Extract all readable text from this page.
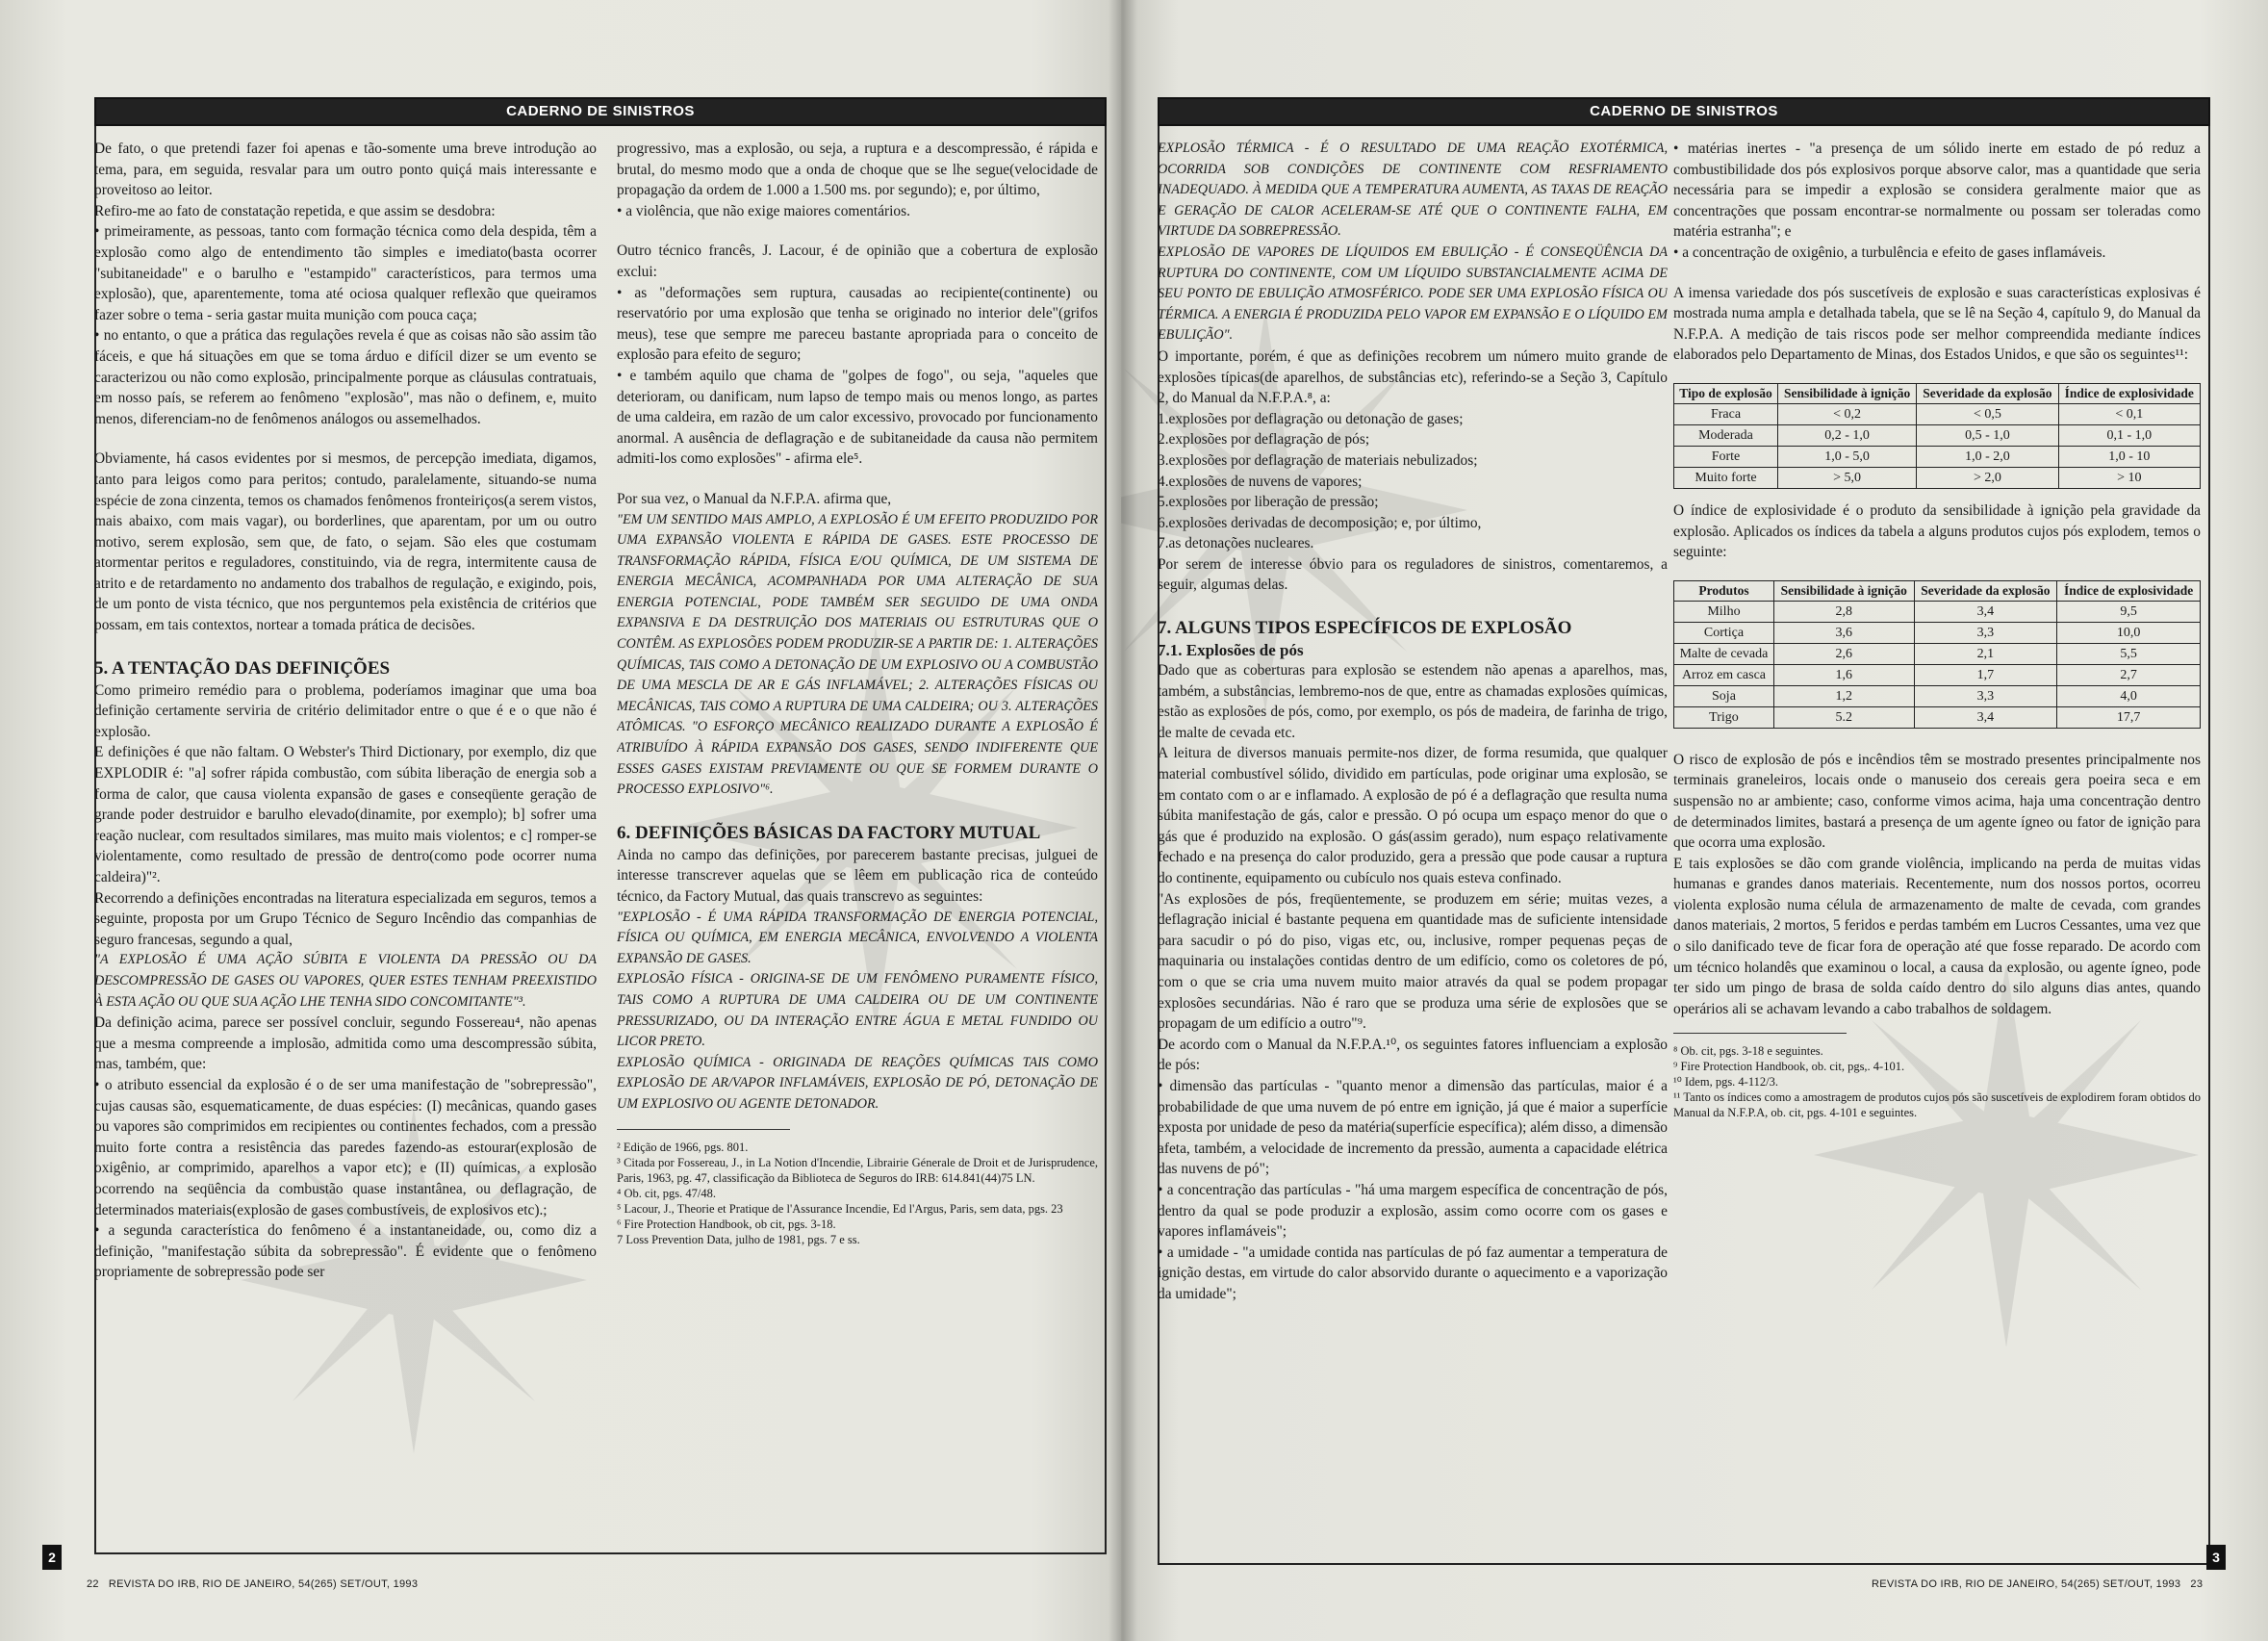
CADERNO DE SINISTROS

De fato, o que pretendi fazer foi apenas e tão-somente uma breve introdução ao tema, para, em seguida, resvalar para um outro ponto quiçá mais interessante e proveitoso ao leitor.

Refiro-me ao fato de constatação repetida, e que assim se desdobra:

• primeiramente, as pessoas, tanto com formação técnica como dela despida, têm a explosão como algo de entendimento tão simples e imediato(basta ocorrer "subitaneidade" e o barulho e "estampido" característicos, para termos uma explosão), que, aparentemente, toma até ociosa qualquer reflexão que queiramos fazer sobre o tema - seria gastar muita munição com pouca caça;

• no entanto, o que a prática das regulações revela é que as coisas não são assim tão fáceis, e que há situações em que se toma árduo e difícil dizer se um evento se caracterizou ou não como explosão, principalmente porque as cláusulas contratuais, em nosso país, se referem ao fenômeno "explosão", mas não o definem, e, muito menos, diferenciam-no de fenômenos análogos ou assemelhados.

Obviamente, há casos evidentes por si mesmos, de percepção imediata, digamos, tanto para leigos como para peritos; contudo, paralelamente, situando-se numa espécie de zona cinzenta, temos os chamados fenômenos fronteiriços(a serem vistos, mais abaixo, com mais vagar), ou borderlines, que aparentam, por um ou outro motivo, serem explosão, sem que, de fato, o sejam. São eles que costumam atormentar peritos e reguladores, constituindo, via de regra, intermitente causa de atrito e de retardamento no andamento dos trabalhos de regulação, e exigindo, pois, de um ponto de vista técnico, que nos perguntemos pela existência de critérios que possam, em tais contextos, nortear a tomada prática de decisões.

5. A TENTAÇÃO DAS DEFINIÇÕES

Como primeiro remédio para o problema, poderíamos imaginar que uma boa definição certamente serviria de critério delimitador entre o que é e o que não é explosão.

E definições é que não faltam. O Webster's Third Dictionary, por exemplo, diz que EXPLODIR é: "a] sofrer rápida combustão, com súbita liberação de energia sob a forma de calor, que causa violenta expansão de gases e conseqüente geração de grande poder destruidor e barulho elevado(dinamite, por exemplo); b] sofrer uma reação nuclear, com resultados similares, mas muito mais violentos; e c] romper-se violentamente, como resultado de pressão de dentro(como pode ocorrer numa caldeira)"².

Recorrendo a definições encontradas na literatura especializada em seguros, temos a seguinte, proposta por um Grupo Técnico de Seguro Incêndio das companhias de seguro francesas, segundo a qual,

"A EXPLOSÃO É UMA AÇÃO SÚBITA E VIOLENTA DA PRESSÃO OU DA DESCOMPRESSÃO DE GASES OU VAPORES, QUER ESTES TENHAM PREEXISTIDO À ESTA AÇÃO OU QUE SUA AÇÃO LHE TENHA SIDO CONCOMITANTE"³.

Da definição acima, parece ser possível concluir, segundo Fossereau⁴, não apenas que a mesma compreende a implosão, admitida como uma descompressão súbita, mas, também, que:

• o atributo essencial da explosão é o de ser uma manifestação de "sobrepressão", cujas causas são, esquematicamente, de duas espécies: (I) mecânicas, quando gases ou vapores são comprimidos em recipientes ou continentes fechados, com a pressão muito forte contra a resistência das paredes fazendo-as estourar(explosão de oxigênio, ar comprimido, aparelhos a vapor etc); e (II) químicas, a explosão ocorrendo na seqüência da combustão quase instantânea, ou deflagração, de determinados materiais(explosão de gases combustíveis, de explosivos etc).;

• a segunda característica do fenômeno é a instantaneidade, ou, como diz a definição, "manifestação súbita da sobrepressão". É evidente que o fenômeno propriamente de sobrepressão pode ser

progressivo, mas a explosão, ou seja, a ruptura e a descompressão, é rápida e brutal, do mesmo modo que a onda de choque que se lhe segue(velocidade de propagação da ordem de 1.000 a 1.500 ms. por segundo); e, por último,

• a violência, que não exige maiores comentários.

Outro técnico francês, J. Lacour, é de opinião que a cobertura de explosão exclui:

• as "deformações sem ruptura, causadas ao recipiente(continente) ou reservatório por uma explosão que tenha se originado no interior dele"(grifos meus), tese que sempre me pareceu bastante apropriada para o conceito de explosão para efeito de seguro;

• e também aquilo que chama de "golpes de fogo", ou seja, "aqueles que deterioram, ou danificam, num lapso de tempo mais ou menos longo, as partes de uma caldeira, em razão de um calor excessivo, provocado por funcionamento anormal. A ausência de deflagração e de subitaneidade da causa não permitem admiti-los como explosões" - afirma ele⁵.

Por sua vez, o Manual da N.F.P.A. afirma que,

"EM UM SENTIDO MAIS AMPLO, A EXPLOSÃO É UM EFEITO PRODUZIDO POR UMA EXPANSÃO VIOLENTA E RÁPIDA DE GASES. ESTE PROCESSO DE TRANSFORMAÇÃO RÁPIDA, FÍSICA E/OU QUÍMICA, DE UM SISTEMA DE ENERGIA MECÂNICA, ACOMPANHADA POR UMA ALTERAÇÃO DE SUA ENERGIA POTENCIAL, PODE TAMBÉM SER SEGUIDO DE UMA ONDA EXPANSIVA E DA DESTRUIÇÃO DOS MATERIAIS OU ESTRUTURAS QUE O CONTÊM. AS EXPLOSÕES PODEM PRODUZIR-SE A PARTIR DE: 1. ALTERAÇÕES QUÍMICAS, TAIS COMO A DETONAÇÃO DE UM EXPLOSIVO OU A COMBUSTÃO DE UMA MESCLA DE AR E GÁS INFLAMÁVEL; 2. ALTERAÇÕES FÍSICAS OU MECÂNICAS, TAIS COMO A RUPTURA DE UMA CALDEIRA; OU 3. ALTERAÇÕES ATÔMICAS. "O ESFORÇO MECÂNICO REALIZADO DURANTE A EXPLOSÃO É ATRIBUÍDO À RÁPIDA EXPANSÃO DOS GASES, SENDO INDIFERENTE QUE ESSES GASES EXISTAM PREVIAMENTE OU QUE SE FORMEM DURANTE O PROCESSO EXPLOSIVO"⁶.

6. DEFINIÇÕES BÁSICAS DA FACTORY MUTUAL

Ainda no campo das definições, por parecerem bastante precisas, julguei de interesse transcrever aquelas que se lêem em publicação rica de conteúdo técnico, da Factory Mutual, das quais transcrevo as seguintes:

"EXPLOSÃO - É UMA RÁPIDA TRANSFORMAÇÃO DE ENERGIA POTENCIAL, FÍSICA OU QUÍMICA, EM ENERGIA MECÂNICA, ENVOLVENDO A VIOLENTA EXPANSÃO DE GASES.

EXPLOSÃO FÍSICA - ORIGINA-SE DE UM FENÔMENO PURAMENTE FÍSICO, TAIS COMO A RUPTURA DE UMA CALDEIRA OU DE UM CONTINENTE PRESSURIZADO, OU DA INTERAÇÃO ENTRE ÁGUA E METAL FUNDIDO OU LICOR PRETO.

EXPLOSÃO QUÍMICA - ORIGINADA DE REAÇÕES QUÍMICAS TAIS COMO EXPLOSÃO DE AR/VAPOR INFLAMÁVEIS, EXPLOSÃO DE PÓ, DETONAÇÃO DE UM EXPLOSIVO OU AGENTE DETONADOR.

² Edição de 1966, pgs. 801.

³ Citada por Fossereau, J., in La Notion d'Incendie, Librairie Génerale de Droit et de Jurisprudence, Paris, 1963, pg. 47, classificação da Biblioteca de Seguros do IRB: 614.841(44)75 LN.

⁴ Ob. cit, pgs. 47/48.

⁵ Lacour, J., Theorie et Pratique de l'Assurance Incendie, Ed l'Argus, Paris, sem data, pgs. 23

⁶ Fire Protection Handbook, ob cit, pgs. 3-18.

7 Loss Prevention Data, julho de 1981, pgs. 7 e ss.

2
22 REVISTA DO IRB, RIO DE JANEIRO, 54(265) SET/OUT, 1993
CADERNO DE SINISTROS

EXPLOSÃO TÉRMICA - É O RESULTADO DE UMA REAÇÃO EXOTÉRMICA, OCORRIDA SOB CONDIÇÕES DE CONTINENTE COM RESFRIAMENTO INADEQUADO. À MEDIDA QUE A TEMPERATURA AUMENTA, AS TAXAS DE REAÇÃO E GERAÇÃO DE CALOR ACELERAM-SE ATÉ QUE O CONTINENTE FALHA, EM VIRTUDE DA SOBREPRESSÃO.

EXPLOSÃO DE VAPORES DE LÍQUIDOS EM EBULIÇÃO - É CONSEQÜÊNCIA DA RUPTURA DO CONTINENTE, COM UM LÍQUIDO SUBSTANCIALMENTE ACIMA DE SEU PONTO DE EBULIÇÃO ATMOSFÉRICO. PODE SER UMA EXPLOSÃO FÍSICA OU TÉRMICA. A ENERGIA É PRODUZIDA PELO VAPOR EM EXPANSÃO E O LÍQUIDO EM EBULIÇÃO".

O importante, porém, é que as definições recobrem um número muito grande de explosões típicas(de aparelhos, de substâncias etc), referindo-se a Seção 3, Capítulo 2, do Manual da N.F.P.A.⁸, a:

1.explosões por deflagração ou detonação de gases;

2.explosões por deflagração de pós;

3.explosões por deflagração de materiais nebulizados;

4.explosões de nuvens de vapores;

5.explosões por liberação de pressão;

6.explosões derivadas de decomposição; e, por último,

7.as detonações nucleares.

Por serem de interesse óbvio para os reguladores de sinistros, comentaremos, a seguir, algumas delas.

7. ALGUNS TIPOS ESPECÍFICOS DE EXPLOSÃO
7.1. Explosões de pós

Dado que as coberturas para explosão se estendem não apenas a aparelhos, mas, também, a substâncias, lembremo-nos de que, entre as chamadas explosões químicas, estão as explosões de pós, como, por exemplo, os pós de madeira, de farinha de trigo, de malte de cevada etc.

A leitura de diversos manuais permite-nos dizer, de forma resumida, que qualquer material combustível sólido, dividido em partículas, pode originar uma explosão, se em contato com o ar e inflamado. A explosão de pó é a deflagração que resulta numa súbita manifestação de gás, calor e pressão. O pó ocupa um espaço menor do que o gás que é produzido na explosão. O gás(assim gerado), num espaço relativamente fechado e na presença do calor produzido, gera a pressão que pode causar a ruptura do continente, equipamento ou cubículo nos quais esteva confinado.

"As explosões de pós, freqüentemente, se produzem em série; muitas vezes, a deflagração inicial é bastante pequena em quantidade mas de suficiente intensidade para sacudir o pó do piso, vigas etc, ou, inclusive, romper pequenas peças de maquinaria ou instalações contidas dentro de um edifício, como os coletores de pó, com o que se cria uma nuvem muito maior através da qual se podem propagar explosões secundárias. Não é raro que se produza uma série de explosões que se propagam de um edifício a outro"⁹.

De acordo com o Manual da N.F.P.A.¹⁰, os seguintes fatores influenciam a explosão de pós:

• dimensão das partículas - "quanto menor a dimensão das partículas, maior é a probabilidade de que uma nuvem de pó entre em ignição, já que é maior a superfície exposta por unidade de peso da matéria(superfície específica); além disso, a dimensão afeta, também, a velocidade de incremento da pressão, aumenta a capacidade elétrica das nuvens de pó";

• a concentração das partículas - "há uma margem específica de concentração de pós, dentro da qual se pode produzir a explosão, assim como ocorre com os gases e vapores inflamáveis";

• a umidade - "a umidade contida nas partículas de pó faz aumentar a temperatura de ignição destas, em virtude do calor absorvido durante o aquecimento e a vaporização da umidade";

• matérias inertes - "a presença de um sólido inerte em estado de pó reduz a combustibilidade dos pós explosivos porque absorve calor, mas a quantidade que seria necessária para se impedir a explosão se considera geralmente maior que as concentrações que possam encontrar-se normalmente ou possam ser toleradas como matéria estranha"; e

• a concentração de oxigênio, a turbulência e efeito de gases inflamáveis.

A imensa variedade dos pós suscetíveis de explosão e suas características explosivas é mostrada numa ampla e detalhada tabela, que se lê na Seção 4, capítulo 9, do Manual da N.F.P.A. A medição de tais riscos pode ser melhor compreendida mediante índices elaborados pelo Departamento de Minas, dos Estados Unidos, e que são os seguintes¹¹:

Tipo de explosão	Sensibilidade à ignição	Severidade da explosão	Índice de explosividade
Fraca	< 0,2	< 0,5	< 0,1
Moderada	0,2 - 1,0	0,5 - 1,0	0,1 - 1,0
Forte	1,0 - 5,0	1,0 - 2,0	1,0 - 10
Muito forte	> 5,0	> 2,0	> 10

O índice de explosividade é o produto da sensibilidade à ignição pela gravidade da explosão. Aplicados os índices da tabela a alguns produtos cujos pós explodem, temos o seguinte:

Produtos	Sensibilidade à ignição	Severidade da explosão	Índice de explosividade
Milho	2,8	3,4	9,5
Cortiça	3,6	3,3	10,0
Malte de cevada	2,6	2,1	5,5
Arroz em casca	1,6	1,7	2,7
Soja	1,2	3,3	4,0
Trigo	5.2	3,4	17,7

O risco de explosão de pós e incêndios têm se mostrado presentes principalmente nos terminais graneleiros, locais onde o manuseio dos cereais gera poeira seca e em suspensão no ar ambiente; caso, conforme vimos acima, haja uma concentração dentro de determinados limites, bastará a presença de um agente ígneo ou fator de ignição para que ocorra uma explosão.

E tais explosões se dão com grande violência, implicando na perda de muitas vidas humanas e grandes danos materiais. Recentemente, num dos nossos portos, ocorreu violenta explosão numa célula de armazenamento de malte de cevada, com grandes danos materiais, 2 mortos, 5 feridos e perdas também em Lucros Cessantes, uma vez que o silo danificado teve de ficar fora de operação até que fosse reparado. De acordo com um técnico holandês que examinou o local, a causa da explosão, ou agente ígneo, pode ter sido um pingo de brasa de solda caído dentro do silo alguns dias antes, quando operários ali se achavam levando a cabo trabalhos de soldagem.

⁸ Ob. cit, pgs. 3-18 e seguintes.

⁹ Fire Protection Handbook, ob. cit, pgs,. 4-101.

¹⁰ Idem, pgs. 4-112/3.

¹¹ Tanto os índices como a amostragem de produtos cujos pós são suscetíveis de explodirem foram obtidos do Manual da N.F.P.A, ob. cit, pgs. 4-101 e seguintes.

3
REVISTA DO IRB, RIO DE JANEIRO, 54(265) SET/OUT, 1993 23
